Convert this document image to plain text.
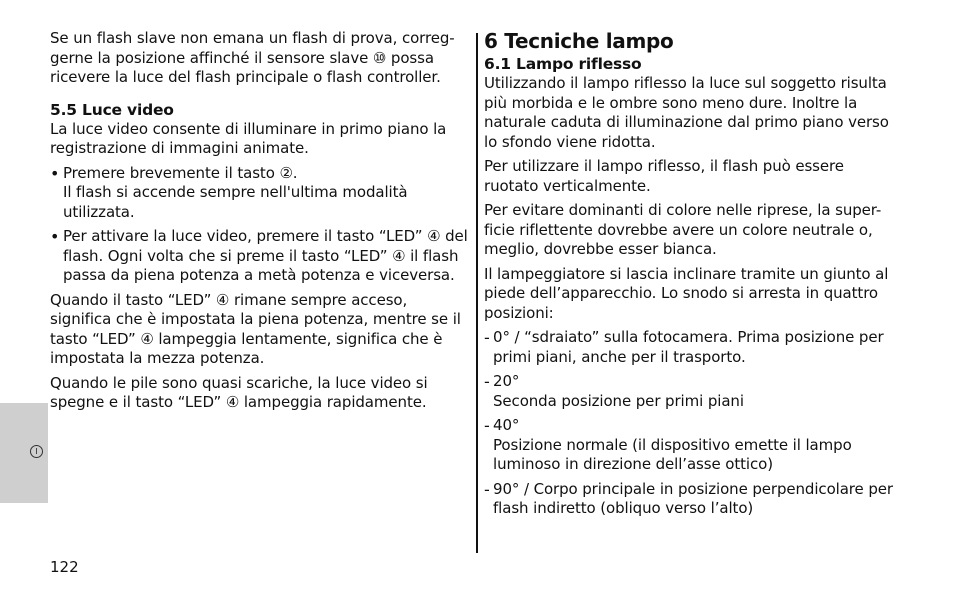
I

Se un flash slave non emana un flash di prova, correg-

gerne la posizione affinché il sensore slave ⑩ possa

ricevere la luce del flash principale o flash controller.

5.5 Luce video

La luce video consente di illuminare in primo piano la

registrazione di immagini animate.

• Premere brevemente il tasto ②.

Il flash si accende sempre nell'ultima modalità

utilizzata.

• Per attivare la luce video, premere il tasto “LED” ④ del

flash. Ogni volta che si preme il tasto “LED” ④ il flash

passa da piena potenza a metà potenza e viceversa.

Quando il tasto “LED” ④ rimane sempre acceso,

significa che è impostata la piena potenza, mentre se il

tasto “LED” ④ lampeggia lentamente, significa che è

impostata la mezza potenza.

Quando le pile sono quasi scariche, la luce video si

spegne e il tasto “LED” ④ lampeggia rapidamente.

6 Tecniche lampo
6.1 Lampo riflesso

Utilizzando il lampo riflesso la luce sul soggetto risulta

più morbida e le ombre sono meno dure. Inoltre la

naturale caduta di illuminazione dal primo piano verso

lo sfondo viene ridotta.

Per utilizzare il lampo riflesso, il flash può essere

ruotato verticalmente.

Per evitare dominanti di colore nelle riprese, la super-

ficie riflettente dovrebbe avere un colore neutrale o,

meglio, dovrebbe esser bianca.

Il lampeggiatore si lascia inclinare tramite un giunto al

piede dell’apparecchio. Lo snodo si arresta in quattro

posizioni:

- 0° / “sdraiato” sulla fotocamera. Prima posizione per

primi piani, anche per il trasporto.

- 20°

Seconda posizione per primi piani

- 40°

Posizione normale (il dispositivo emette il lampo

luminoso in direzione dell’asse ottico)

- 90° / Corpo principale in posizione perpendicolare per

flash indiretto (obliquo verso l’alto)

122
